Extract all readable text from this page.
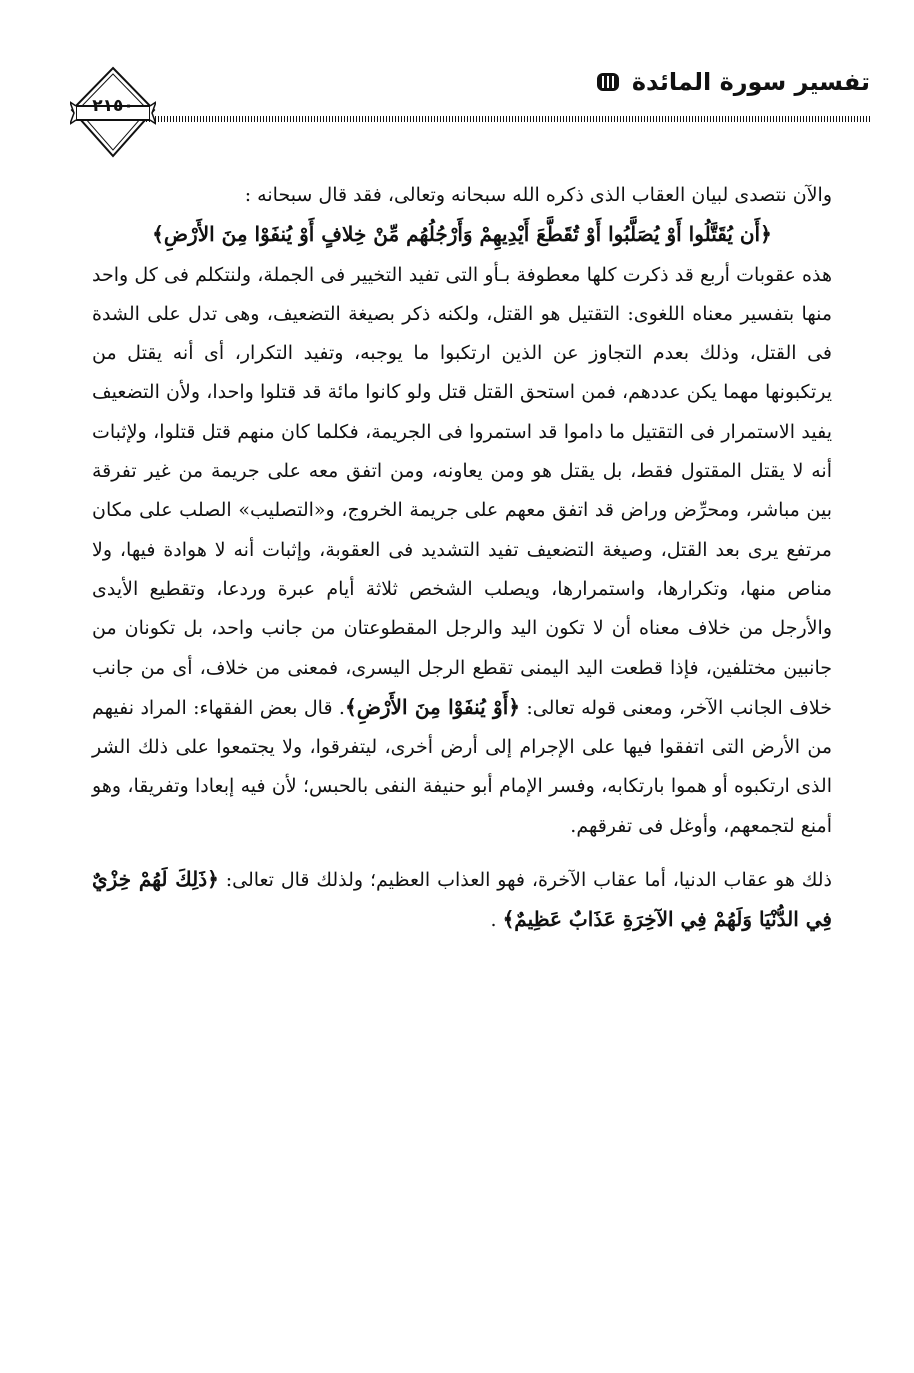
تفسير سورة المائدة
٢١٥٠

والآن نتصدى لبيان العقاب الذى ذكره الله سبحانه وتعالى، فقد قال سبحانه :

﴿أَن يُقَتَّلُوا أَوْ يُصَلَّبُوا أَوْ تُقَطَّعَ أَيْدِيهِمْ وَأَرْجُلُهُم مِّنْ خِلافٍ أَوْ يُنفَوْا مِنَ الأَرْضِ﴾

هذه عقوبات أربع قد ذكرت كلها معطوفة بـأو التى تفيد التخيير فى الجملة، ولنتكلم فى كل واحد منها بتفسير معناه اللغوى: التقتيل هو القتل، ولكنه ذكر بصيغة التضعيف، وهى تدل على الشدة فى القتل، وذلك بعدم التجاوز عن الذين ارتكبوا ما يوجبه، وتفيد التكرار، أى أنه يقتل من يرتكبونها مهما يكن عددهم، فمن استحق القتل قتل ولو كانوا مائة قد قتلوا واحدا، ولأن التضعيف يفيد الاستمرار فى التقتيل ما داموا قد استمروا فى الجريمة، فكلما كان منهم قتل قتلوا، ولإثبات أنه لا يقتل المقتول فقط، بل يقتل هو ومن يعاونه، ومن اتفق معه على جريمة من غير تفرقة بين مباشر، ومحرِّض وراض قد اتفق معهم على جريمة الخروج، و«التصليب» الصلب على مكان مرتفع يرى بعد القتل، وصيغة التضعيف تفيد التشديد فى العقوبة، وإثبات أنه لا هوادة فيها، ولا مناص منها، وتكرارها، واستمرارها، ويصلب الشخص ثلاثة أيام عبرة وردعا، وتقطيع الأيدى والأرجل من خلاف معناه أن لا تكون اليد والرجل المقطوعتان من جانب واحد، بل تكونان من جانبين مختلفين، فإذا قطعت اليد اليمنى تقطع الرجل اليسرى، فمعنى من خلاف، أى من جانب خلاف الجانب الآخر، ومعنى قوله تعالى: ﴿أَوْ يُنفَوْا مِنَ الأَرْضِ﴾. قال بعض الفقهاء: المراد نفيهم من الأرض التى اتفقوا فيها على الإجرام إلى أرض أخرى، ليتفرقوا، ولا يجتمعوا على ذلك الشر الذى ارتكبوه أو هموا بارتكابه، وفسر الإمام أبو حنيفة النفى بالحبس؛ لأن فيه إبعادا وتفريقا، وهو أمنع لتجمعهم، وأوغل فى تفرقهم.

ذلك هو عقاب الدنيا، أما عقاب الآخرة، فهو العذاب العظيم؛ ولذلك قال تعالى: ﴿ذَلِكَ لَهُمْ خِزْيٌ فِي الدُّنْيَا وَلَهُمْ فِي الآخِرَةِ عَذَابٌ عَظِيمٌ﴾ .
